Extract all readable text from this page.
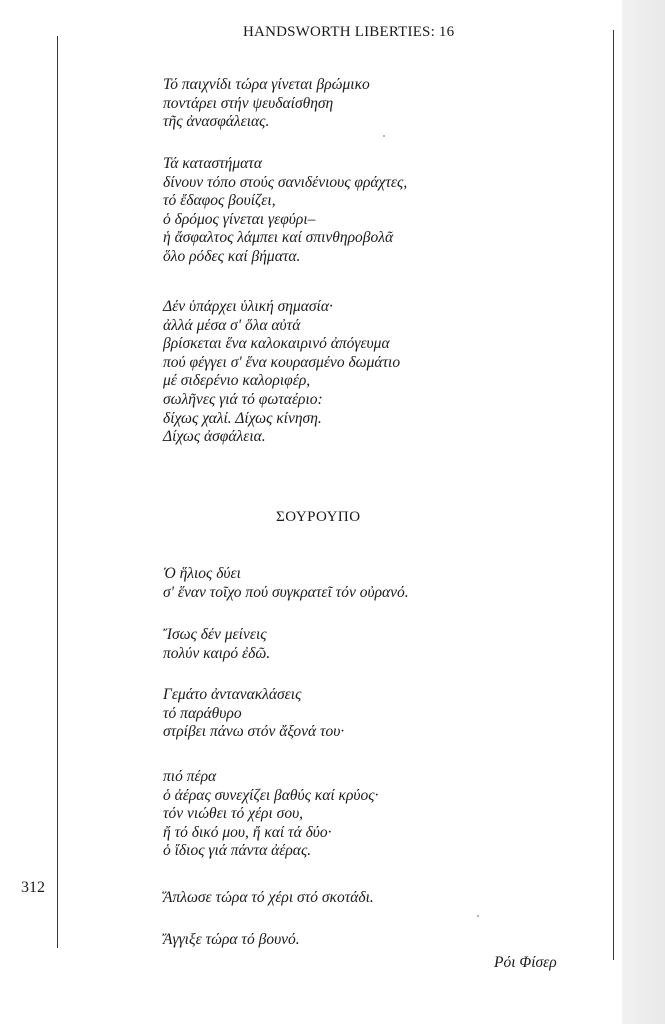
HANDSWORTH LIBERTIES: 16
312
Τό παιχνίδι τώρα γίνεται βρώμικο
ποντάρει στήν ψευδαίσθηση
τῆς ἀνασφάλειας.
Τά καταστήματα
δίνουν τόπο στούς σανιδένιους φράχτες,
τό ἔδαφος βουίζει,
ὁ δρόμος γίνεται γεφύρι–
ἡ ἄσφαλτος λάμπει καί σπινθηροβολᾶ
ὅλο ρόδες καί βήματα.
Δέν ὑπάρχει ὑλική σημασία·
ἀλλά μέσα σ' ὅλα αὐτά
βρίσκεται ἕνα καλοκαιρινό ἀπόγευμα
πού φέγγει σ' ἕνα κουρασμένο δωμάτιο
μέ σιδερένιο καλοριφέρ,
σωλῆνες γιά τό φωταέριο:
δίχως χαλί. Δίχως κίνηση.
Δίχως ἀσφάλεια.
ΣΟΥΡΟΥΠΟ
Ὁ ἥλιος δύει
σ' ἕναν τοῖχο πού συγκρατεῖ τόν οὐρανό.
Ἴσως δέν μείνεις
πολύν καιρό ἐδῶ.
Γεμάτο ἀντανακλάσεις
τό παράθυρο
στρίβει πάνω στόν ἄξονά του·
πιό πέρα
ὁ ἀέρας συνεχίζει βαθύς καί κρύος·
τόν νιώθει τό χέρι σου,
ἤ τό δικό μου, ἤ καί τά δύο·
ὁ ἴδιος γιά πάντα ἀέρας.
Ἅπλωσε τώρα τό χέρι στό σκοτάδι.
Ἄγγιξε τώρα τό βουνό.
Ρόι Φίσερ
